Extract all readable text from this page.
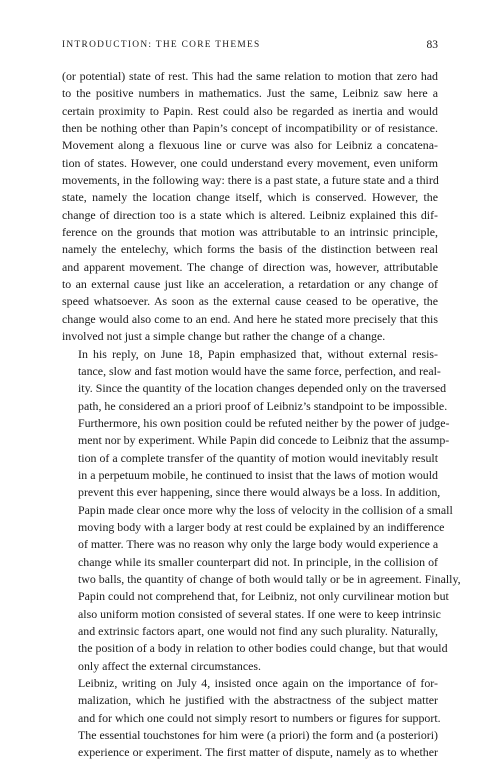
INTRODUCTION: THE CORE THEMES	83
(or potential) state of rest. This had the same relation to motion that zero had
to the positive numbers in mathematics. Just the same, Leibniz saw here a
certain proximity to Papin. Rest could also be regarded as inertia and would
then be nothing other than Papin’s concept of incompatibility or of resistance.
Movement along a flexuous line or curve was also for Leibniz a concatena-
tion of states. However, one could understand every movement, even uniform
movements, in the following way: there is a past state, a future state and a third
state, namely the location change itself, which is conserved. However, the
change of direction too is a state which is altered. Leibniz explained this dif-
ference on the grounds that motion was attributable to an intrinsic principle,
namely the entelechy, which forms the basis of the distinction between real
and apparent movement. The change of direction was, however, attributable
to an external cause just like an acceleration, a retardation or any change of
speed whatsoever. As soon as the external cause ceased to be operative, the
change would also come to an end. And here he stated more precisely that this
involved not just a simple change but rather the change of a change.
In his reply, on June 18, Papin emphasized that, without external resis-
tance, slow and fast motion would have the same force, perfection, and real-
ity. Since the quantity of the location changes depended only on the traversed
path, he considered an a priori proof of Leibniz’s standpoint to be impossible.
Furthermore, his own position could be refuted neither by the power of judge-
ment nor by experiment. While Papin did concede to Leibniz that the assump-
tion of a complete transfer of the quantity of motion would inevitably result
in a perpetuum mobile, he continued to insist that the laws of motion would
prevent this ever happening, since there would always be a loss. In addition,
Papin made clear once more why the loss of velocity in the collision of a small
moving body with a larger body at rest could be explained by an indifference
of matter. There was no reason why only the large body would experience a
change while its smaller counterpart did not. In principle, in the collision of
two balls, the quantity of change of both would tally or be in agreement. Finally,
Papin could not comprehend that, for Leibniz, not only curvilinear motion but
also uniform motion consisted of several states. If one were to keep intrinsic
and extrinsic factors apart, one would not find any such plurality. Naturally,
the position of a body in relation to other bodies could change, but that would
only affect the external circumstances.
Leibniz, writing on July 4, insisted once again on the importance of for-
malization, which he justified with the abstractness of the subject matter
and for which one could not simply resort to numbers or figures for support.
The essential touchstones for him were (a priori) the form and (a posteriori)
experience or experiment. The first matter of dispute, namely as to whether
